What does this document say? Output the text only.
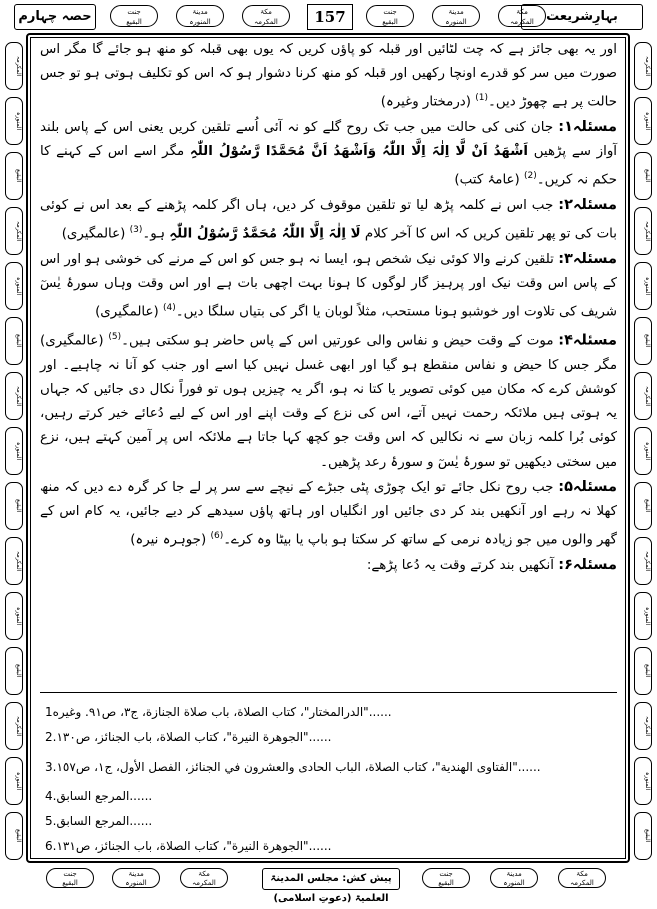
بہارِشریعت
حصہ چہارم	157
جنت
البقیع
مدینۃ
المنورہ
مکۃ
المکرمہ
جنت
البقیع
مدینۃ
المنورہ
مکۃ
المکرمہ
المکرمہ
المنورہ
البقیع
المکرمہ
المنورہ
البقیع
المکرمہ
المنورہ
البقیع
المکرمہ
المنورہ
البقیع
المکرمہ
المنورہ
البقیع
المکرمہ
المنورہ
البقیع
المکرمہ
المنورہ
البقیع
المکرمہ
المنورہ
البقیع
المکرمہ
المنورہ
البقیع
المکرمہ
المنورہ
البقیع

اور یہ بھی جائز ہے کہ چت لٹائیں اور قبلہ کو پاؤں کریں کہ یوں بھی قبلہ کو منھ ہو جائے گا مگر اس صورت میں سر کو قدرے اونچا رکھیں اور قبلہ کو منھ کرنا دشوار ہو کہ اس کو تکلیف ہوتی ہو تو جس حالت پر ہے چھوڑ دیں۔$^{(1)}$ (درمختار وغیرہ)

مسئلہ۱: جان کنی کی حالت میں جب تک روح گلے کو نہ آئی اُسے تلقین کریں یعنی اس کے پاس بلند آواز سے پڑھیں اَشْھَدُ اَنْ لَّا اِلٰہَ اِلَّا اللّٰہُ وَاَشْھَدُ اَنَّ مُحَمَّدًا رَّسُوْلُ اللّٰہِ مگر اسے اس کے کہنے کا حکم نہ کریں۔$^{(2)}$ (عامۂ کتب)

مسئلہ۲: جب اس نے کلمہ پڑھ لیا تو تلقین موقوف کر دیں، ہاں اگر کلمہ پڑھنے کے بعد اس نے کوئی بات کی تو پھر تلقین کریں کہ اس کا آخر کلام لَا اِلٰہَ اِلَّا اللّٰہُ مُحَمَّدٌ رَّسُوْلُ اللّٰہِ ہو۔$^{(3)}$ (عالمگیری)

مسئلہ۳: تلقین کرنے والا کوئی نیک شخص ہو، ایسا نہ ہو جس کو اس کے مرنے کی خوشی ہو اور اس کے پاس اس وقت نیک اور پرہیز گار لوگوں کا ہونا بہت اچھی بات ہے اور اس وقت وہاں سورۂ یٰسٓ شریف کی تلاوت اور خوشبو ہونا مستحب، مثلاً لوبان یا اگر کی بتیاں سلگا دیں۔$^{(4)}$ (عالمگیری)

مسئلہ۴: موت کے وقت حیض و نفاس والی عورتیں اس کے پاس حاضر ہو سکتی ہیں۔$^{(5)}$ (عالمگیری) مگر جس کا حیض و نفاس منقطع ہو گیا اور ابھی غسل نہیں کیا اسے اور جنب کو آنا نہ چاہیے۔ اور کوشش کرے کہ مکان میں کوئی تصویر یا کتا نہ ہو، اگر یہ چیزیں ہوں تو فوراً نکال دی جائیں کہ جہاں یہ ہوتی ہیں ملائکہ رحمت نہیں آتے، اس کی نزع کے وقت اپنے اور اس کے لیے دُعائے خیر کرتے رہیں، کوئی بُرا کلمہ زبان سے نہ نکالیں کہ اس وقت جو کچھ کہا جاتا ہے ملائکہ اس پر آمین کہتے ہیں، نزع میں سختی دیکھیں تو سورۂ یٰسٓ و سورۂ رعد پڑھیں۔

مسئلہ۵: جب روح نکل جائے تو ایک چوڑی پٹی جبڑے کے نیچے سے سر پر لے جا کر گرہ دے دیں کہ منھ کھلا نہ رہے اور آنکھیں بند کر دی جائیں اور انگلیاں اور ہاتھ پاؤں سیدھے کر دیے جائیں، یہ کام اس کے گھر والوں میں جو زیادہ نرمی کے ساتھ کر سکتا ہو باپ یا بیٹا وہ کرے۔$^{(6)}$ (جوہرہ نیرہ)

مسئلہ۶: آنکھیں بند کرتے وقت یہ دُعا پڑھے:

1......"الدرالمختار"، كتاب الصلاة، باب صلاة الجنازة، ج٣، ص٩١. وغيره
2......"الجوهرة النيرة"، كتاب الصلاة، باب الجنائز، ص١٣٠.
3......"الفتاوى الهندية"، كتاب الصلاة، الباب الحادى والعشرون في الجنائز، الفصل الأول، ج١، ص١٥٧.
4......المرجع السابق.
5......المرجع السابق.
6......"الجوهرة النيرة"، كتاب الصلاة، باب الجنائز، ص١٣١.
جنت
البقیع
مدینۃ
المنورہ
مکۃ
المکرمہ	پیش کش: مجلس المدینۃ العلمیۃ (دعوتِ اسلامی)
جنت
البقیع
مدینۃ
المنورہ
مکۃ
المکرمہ
